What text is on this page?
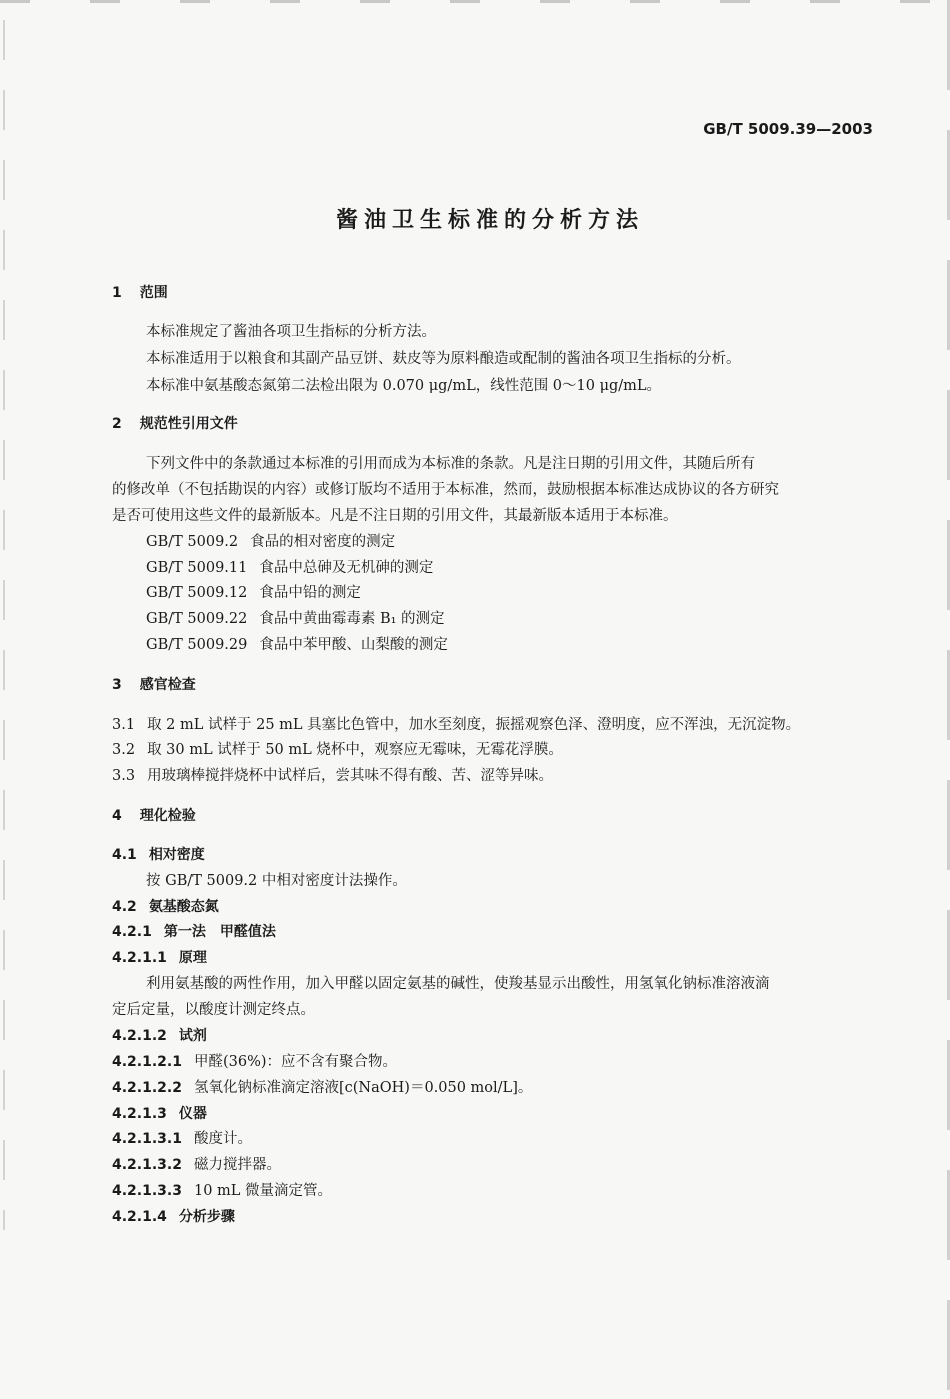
GB/T 5009.39—2003
酱油卫生标准的分析方法
1 范围
本标准规定了酱油各项卫生指标的分析方法。
本标准适用于以粮食和其副产品豆饼、麸皮等为原料酿造或配制的酱油各项卫生指标的分析。
本标准中氨基酸态氮第二法检出限为 0.070 μg/mL，线性范围 0～10 μg/mL。
2 规范性引用文件
下列文件中的条款通过本标准的引用而成为本标准的条款。凡是注日期的引用文件，其随后所有
的修改单（不包括勘误的内容）或修订版均不适用于本标准，然而，鼓励根据本标准达成协议的各方研究
是否可使用这些文件的最新版本。凡是不注日期的引用文件，其最新版本适用于本标准。
GB/T 5009.2 食品的相对密度的测定
GB/T 5009.11 食品中总砷及无机砷的测定
GB/T 5009.12 食品中铅的测定
GB/T 5009.22 食品中黄曲霉毒素 B₁ 的测定
GB/T 5009.29 食品中苯甲酸、山梨酸的测定
3 感官检查
3.1 取 2 mL 试样于 25 mL 具塞比色管中，加水至刻度，振摇观察色泽、澄明度，应不浑浊，无沉淀物。
3.2 取 30 mL 试样于 50 mL 烧杯中，观察应无霉味，无霉花浮膜。
3.3 用玻璃棒搅拌烧杯中试样后，尝其味不得有酸、苦、涩等异味。
4 理化检验
4.1 相对密度
按 GB/T 5009.2 中相对密度计法操作。
4.2 氨基酸态氮
4.2.1 第一法　甲醛值法
4.2.1.1 原理
利用氨基酸的两性作用，加入甲醛以固定氨基的碱性，使羧基显示出酸性，用氢氧化钠标准溶液滴
定后定量，以酸度计测定终点。
4.2.1.2 试剂
4.2.1.2.1 甲醛(36%)：应不含有聚合物。
4.2.1.2.2 氢氧化钠标准滴定溶液[c(NaOH)＝0.050 mol/L]。
4.2.1.3 仪器
4.2.1.3.1 酸度计。
4.2.1.3.2 磁力搅拌器。
4.2.1.3.3 10 mL 微量滴定管。
4.2.1.4 分析步骤
